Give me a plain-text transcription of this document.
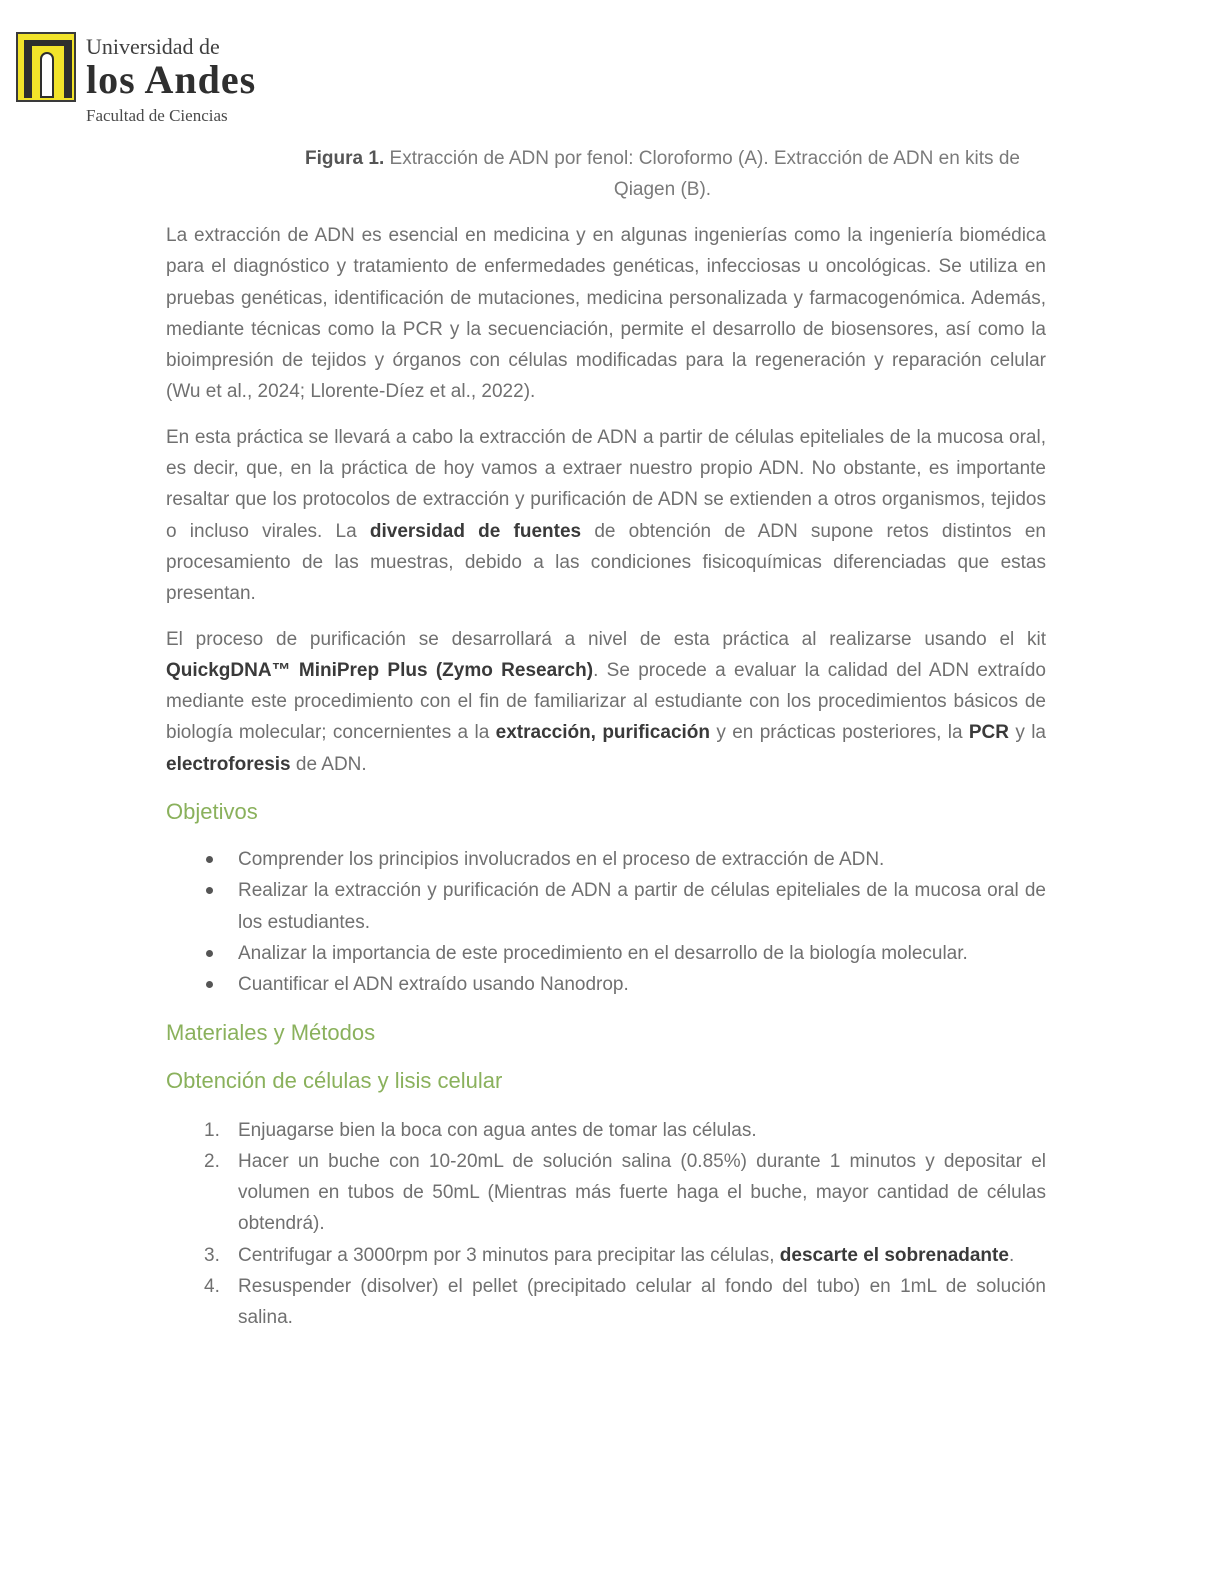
Universidad de
los Andes
Facultad de Ciencias
Figura 1. Extracción de ADN por fenol: Cloroformo (A). Extracción de ADN en kits de Qiagen (B).

La extracción de ADN es esencial en medicina y en algunas ingenierías como la ingeniería biomédica para el diagnóstico y tratamiento de enfermedades genéticas, infecciosas u oncológicas. Se utiliza en pruebas genéticas, identificación de mutaciones, medicina personalizada y farmacogenómica. Además, mediante técnicas como la PCR y la secuenciación, permite el desarrollo de biosensores, así como la bioimpresión de tejidos y órganos con células modificadas para la regeneración y reparación celular (Wu et al., 2024; Llorente-Díez et al., 2022).

En esta práctica se llevará a cabo la extracción de ADN a partir de células epiteliales de la mucosa oral, es decir, que, en la práctica de hoy vamos a extraer nuestro propio ADN. No obstante, es importante resaltar que los protocolos de extracción y purificación de ADN se extienden a otros organismos, tejidos o incluso virales. La diversidad de fuentes de obtención de ADN supone retos distintos en procesamiento de las muestras, debido a las condiciones fisicoquímicas diferenciadas que estas presentan.

El proceso de purificación se desarrollará a nivel de esta práctica al realizarse usando el kit QuickgDNA™ MiniPrep Plus (Zymo Research). Se procede a evaluar la calidad del ADN extraído mediante este procedimiento con el fin de familiarizar al estudiante con los procedimientos básicos de biología molecular; concernientes a la extracción, purificación y en prácticas posteriores, la PCR y la electroforesis de ADN.

Objetivos
Comprender los principios involucrados en el proceso de extracción de ADN.
Realizar la extracción y purificación de ADN a partir de células epiteliales de la mucosa oral de los estudiantes.
Analizar la importancia de este procedimiento en el desarrollo de la biología molecular.
Cuantificar el ADN extraído usando Nanodrop.
Materiales y Métodos
Obtención de células y lisis celular
1. Enjuagarse bien la boca con agua antes de tomar las células.
2. Hacer un buche con 10-20mL de solución salina (0.85%) durante 1 minutos y depositar el volumen en tubos de 50mL (Mientras más fuerte haga el buche, mayor cantidad de células obtendrá).
3. Centrifugar a 3000rpm por 3 minutos para precipitar las células, descarte el sobrenadante.
4. Resuspender (disolver) el pellet (precipitado celular al fondo del tubo) en 1mL de solución salina.
